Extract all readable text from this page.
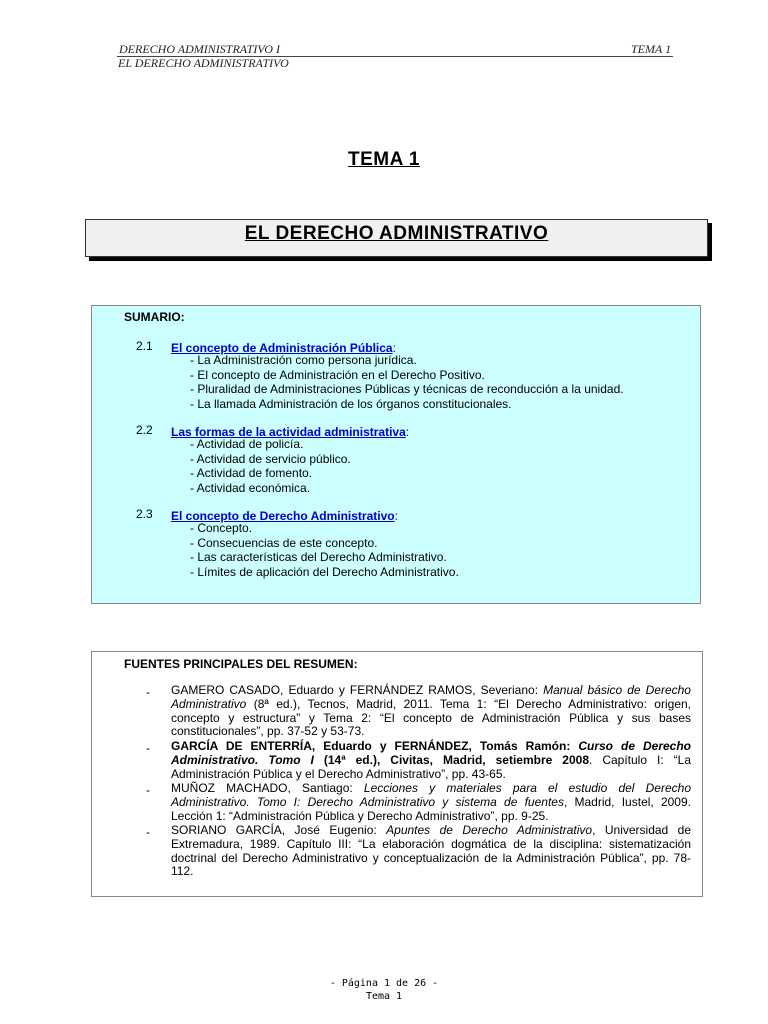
DERECHO ADMINISTRATIVO I	TEMA 1
EL DERECHO ADMINISTRATIVO
TEMA 1
EL DERECHO ADMINISTRATIVO
SUMARIO:
2.1 El concepto de Administración Pública:
- La Administración como persona jurídica.
- El concepto de Administración en el Derecho Positivo.
- Pluralidad de Administraciones Públicas y técnicas de reconducción a la unidad.
- La llamada Administración de los órganos constitucionales.
2.2 Las formas de la actividad administrativa:
- Actividad de policía.
- Actividad de servicio público.
- Actividad de fomento.
- Actividad económica.
2.3 El concepto de Derecho Administrativo:
- Concepto.
- Consecuencias de este concepto.
- Las características del Derecho Administrativo.
- Límites de aplicación del Derecho Administrativo.
FUENTES PRINCIPALES DEL RESUMEN:
- GAMERO CASADO, Eduardo y FERNÁNDEZ RAMOS, Severiano: Manual básico de Derecho Administrativo (8ª ed.), Tecnos, Madrid, 2011. Tema 1: “El Derecho Administrativo: origen, concepto y estructura” y Tema 2: “El concepto de Administración Pública y sus bases constitucionales”, pp. 37-52 y 53-73.
- GARCÍA DE ENTERRÍA, Eduardo y FERNÁNDEZ, Tomás Ramón: Curso de Derecho Administrativo. Tomo I (14ª ed.), Civitas, Madrid, setiembre 2008. Capítulo I: “La Administración Pública y el Derecho Administrativo”, pp. 43-65.
- MUÑOZ MACHADO, Santiago: Lecciones y materiales para el estudio del Derecho Administrativo. Tomo I: Derecho Administrativo y sistema de fuentes, Madrid, Iustel, 2009. Lección 1: “Administración Pública y Derecho Administrativo”, pp. 9-25.
- SORIANO GARCÍA, José Eugenio: Apuntes de Derecho Administrativo, Universidad de Extremadura, 1989. Capítulo III: “La elaboración dogmática de la disciplina: sistematización doctrinal del Derecho Administrativo y conceptualización de la Administración Pública”, pp. 78-112.
- Página 1 de 26 -
Tema 1
